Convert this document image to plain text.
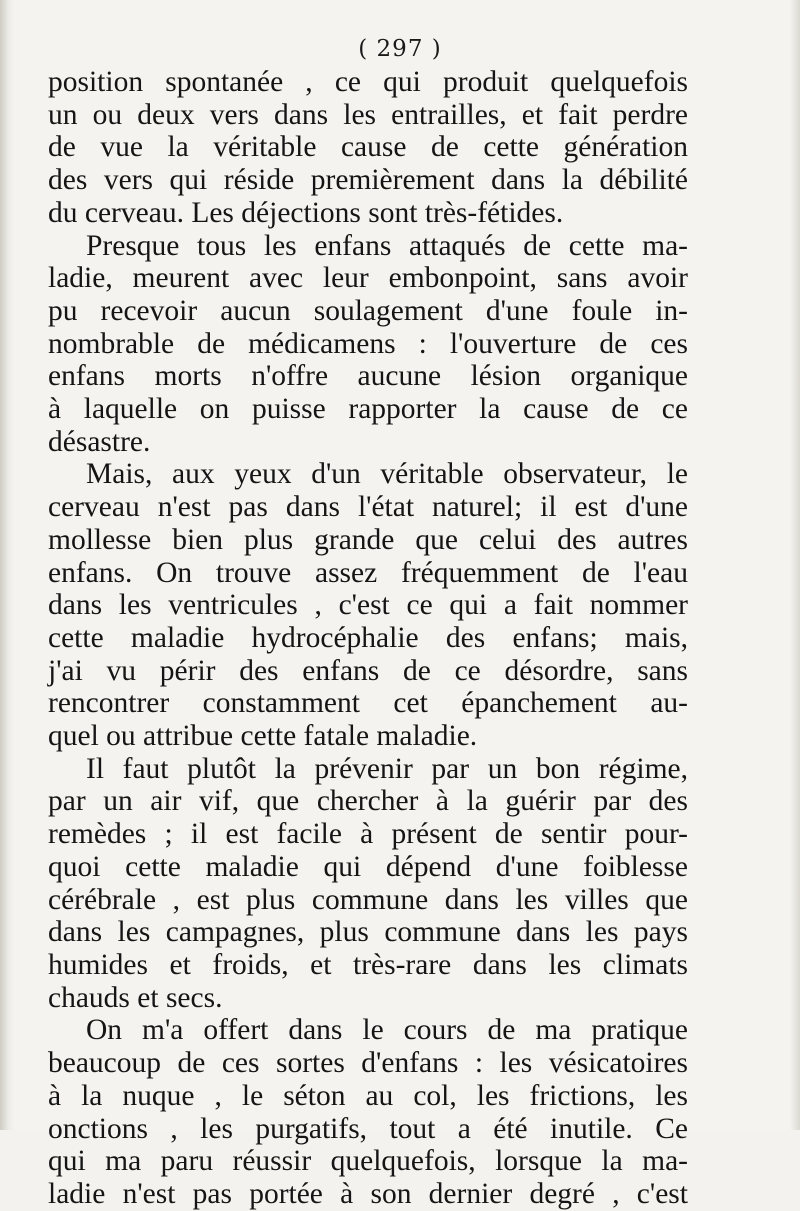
( 297 )
position spontanée , ce qui produit quelquefois
un ou deux vers dans les entrailles, et fait perdre
de vue la véritable cause de cette génération
des vers qui réside premièrement dans la débilité
du cerveau. Les déjections sont très-fétides.
Presque tous les enfans attaqués de cette ma-
ladie, meurent avec leur embonpoint, sans avoir
pu recevoir aucun soulagement d'une foule in-
nombrable de médicamens : l'ouverture de ces
enfans morts n'offre aucune lésion organique
à laquelle on puisse rapporter la cause de ce
désastre.
Mais, aux yeux d'un véritable observateur, le
cerveau n'est pas dans l'état naturel; il est d'une
mollesse bien plus grande que celui des autres
enfans. On trouve assez fréquemment de l'eau
dans les ventricules , c'est ce qui a fait nommer
cette maladie hydrocéphalie des enfans; mais,
j'ai vu périr des enfans de ce désordre, sans
rencontrer constamment cet épanchement au-
quel ou attribue cette fatale maladie.
Il faut plutôt la prévenir par un bon régime,
par un air vif, que chercher à la guérir par des
remèdes ; il est facile à présent de sentir pour-
quoi cette maladie qui dépend d'une foiblesse
cérébrale , est plus commune dans les villes que
dans les campagnes, plus commune dans les pays
humides et froids, et très-rare dans les climats
chauds et secs.
On m'a offert dans le cours de ma pratique
beaucoup de ces sortes d'enfans : les vésicatoires
à la nuque , le séton au col, les frictions, les
onctions , les purgatifs, tout a été inutile. Ce
qui ma paru réussir quelquefois, lorsque la ma-
ladie n'est pas portée à son dernier degré , c'est
